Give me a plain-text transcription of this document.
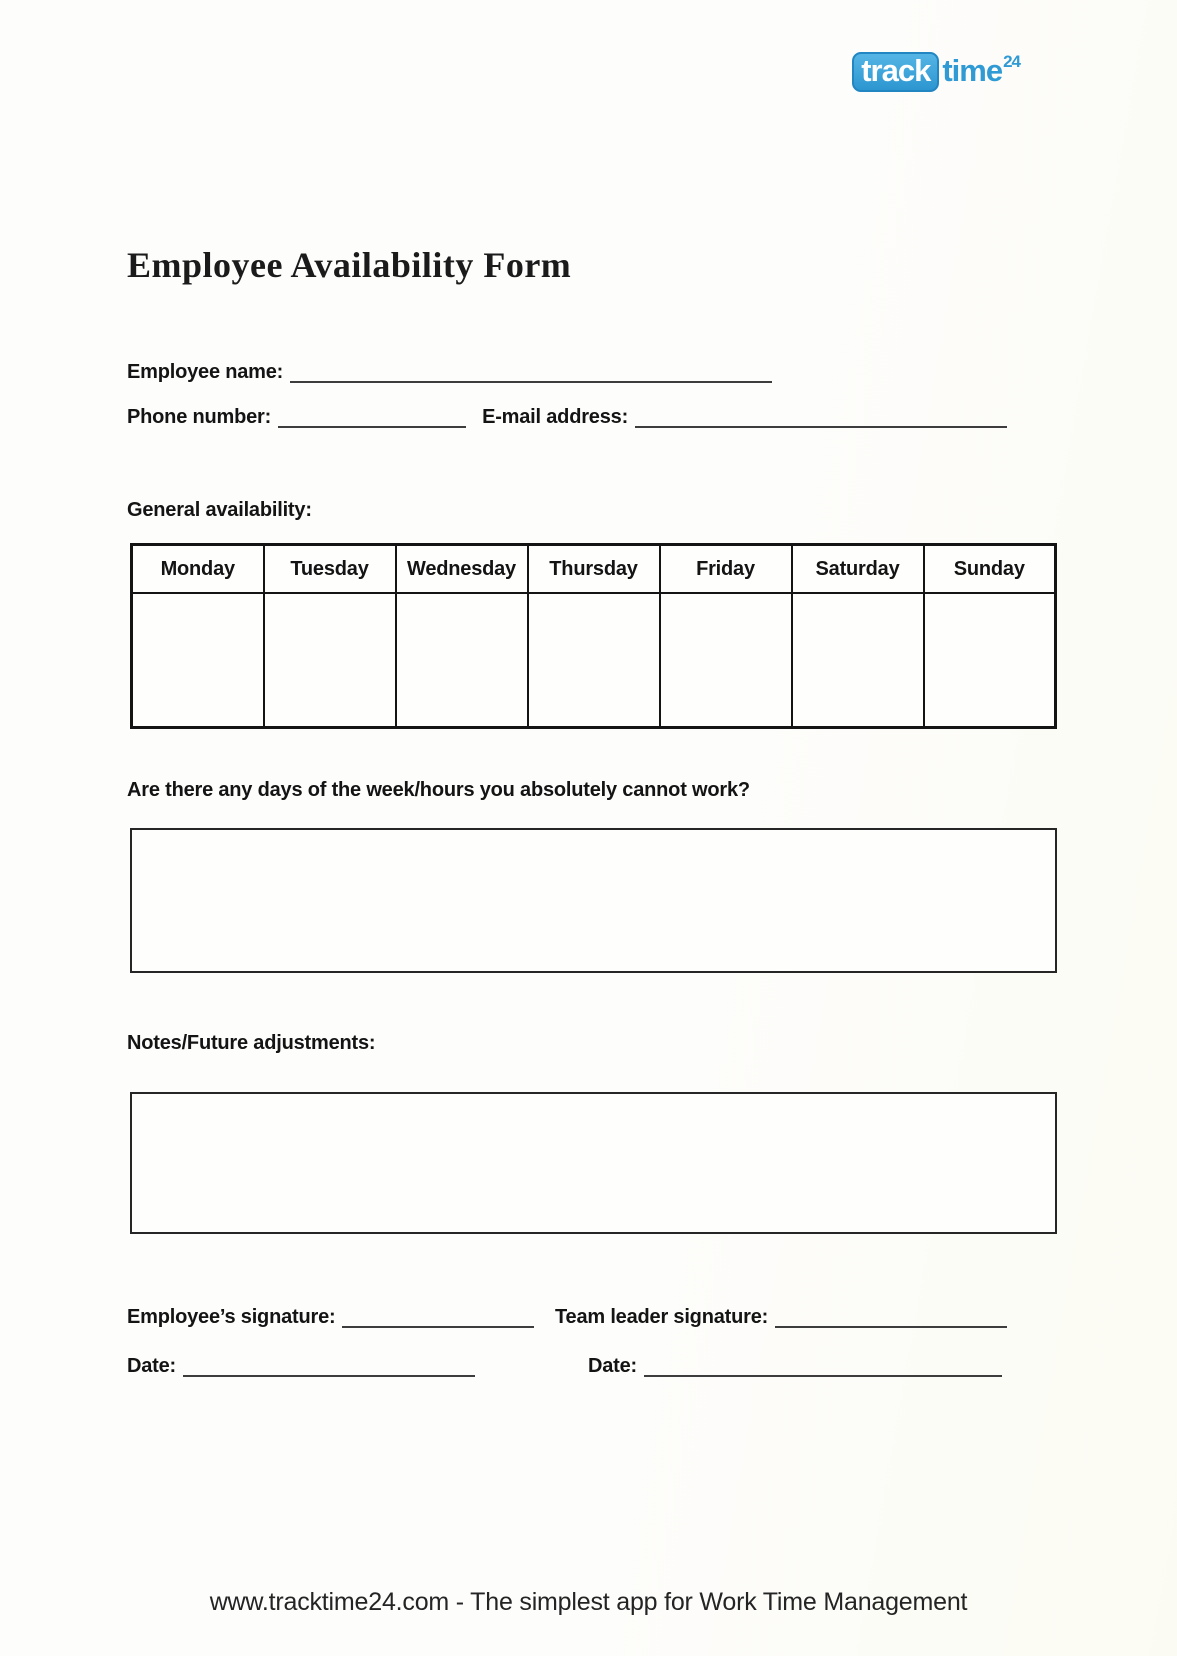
track time$^{24}$
Employee Availability Form
Employee name:
Phone number:	E-mail address:
General availability:
Monday	Tuesday	Wednesday	Thursday	Friday	Saturday	Sunday

Are there any days of the week/hours you absolutely cannot work?
Notes/Future adjustments:
Employee’s signature:	Team leader signature:
Date:	Date:
www.tracktime24.com - The simplest app for Work Time Management
